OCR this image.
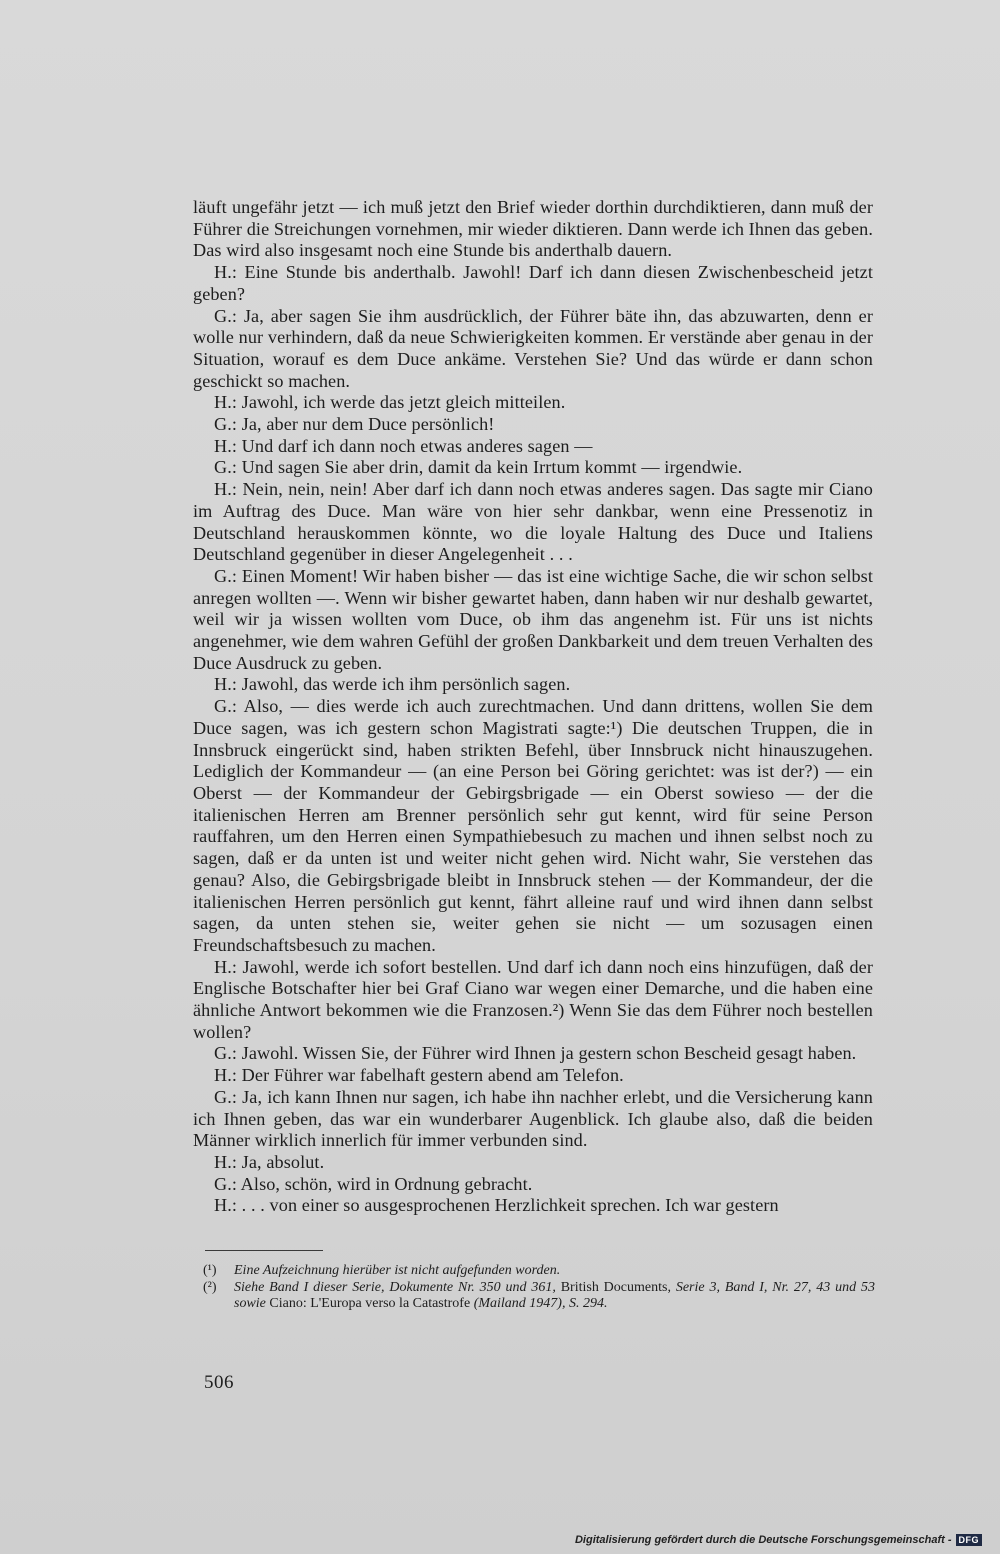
läuft ungefähr jetzt — ich muß jetzt den Brief wieder dorthin durchdiktieren, dann muß der Führer die Streichungen vornehmen, mir wieder diktieren. Dann werde ich Ihnen das geben. Das wird also insgesamt noch eine Stunde bis anderthalb dauern.

H.: Eine Stunde bis anderthalb. Jawohl! Darf ich dann diesen Zwischenbescheid jetzt geben?

G.: Ja, aber sagen Sie ihm ausdrücklich, der Führer bäte ihn, das abzuwarten, denn er wolle nur verhindern, daß da neue Schwierigkeiten kommen. Er verstände aber genau in der Situation, worauf es dem Duce ankäme. Verstehen Sie? Und das würde er dann schon geschickt so machen.

H.: Jawohl, ich werde das jetzt gleich mitteilen.

G.: Ja, aber nur dem Duce persönlich!

H.: Und darf ich dann noch etwas anderes sagen —

G.: Und sagen Sie aber drin, damit da kein Irrtum kommt — irgendwie.

H.: Nein, nein, nein! Aber darf ich dann noch etwas anderes sagen. Das sagte mir Ciano im Auftrag des Duce. Man wäre von hier sehr dankbar, wenn eine Pressenotiz in Deutschland herauskommen könnte, wo die loyale Haltung des Duce und Italiens Deutschland gegenüber in dieser Angelegenheit . . .

G.: Einen Moment! Wir haben bisher — das ist eine wichtige Sache, die wir schon selbst anregen wollten —. Wenn wir bisher gewartet haben, dann haben wir nur deshalb gewartet, weil wir ja wissen wollten vom Duce, ob ihm das angenehm ist. Für uns ist nichts angenehmer, wie dem wahren Gefühl der großen Dankbarkeit und dem treuen Verhalten des Duce Ausdruck zu geben.

H.: Jawohl, das werde ich ihm persönlich sagen.

G.: Also, — dies werde ich auch zurechtmachen. Und dann drittens, wollen Sie dem Duce sagen, was ich gestern schon Magistrati sagte:¹) Die deutschen Truppen, die in Innsbruck eingerückt sind, haben strikten Befehl, über Innsbruck nicht hinauszugehen. Lediglich der Kommandeur — (an eine Person bei Göring gerichtet: was ist der?) — ein Oberst — der Kommandeur der Gebirgsbrigade — ein Oberst sowieso — der die italienischen Herren am Brenner persönlich sehr gut kennt, wird für seine Person rauffahren, um den Herren einen Sympathiebesuch zu machen und ihnen selbst noch zu sagen, daß er da unten ist und weiter nicht gehen wird. Nicht wahr, Sie verstehen das genau? Also, die Gebirgsbrigade bleibt in Innsbruck stehen — der Kommandeur, der die italienischen Herren persönlich gut kennt, fährt alleine rauf und wird ihnen dann selbst sagen, da unten stehen sie, weiter gehen sie nicht — um sozusagen einen Freundschaftsbesuch zu machen.

H.: Jawohl, werde ich sofort bestellen. Und darf ich dann noch eins hinzufügen, daß der Englische Botschafter hier bei Graf Ciano war wegen einer Demarche, und die haben eine ähnliche Antwort bekommen wie die Franzosen.²) Wenn Sie das dem Führer noch bestellen wollen?

G.: Jawohl. Wissen Sie, der Führer wird Ihnen ja gestern schon Bescheid gesagt haben.

H.: Der Führer war fabelhaft gestern abend am Telefon.

G.: Ja, ich kann Ihnen nur sagen, ich habe ihn nachher erlebt, und die Versicherung kann ich Ihnen geben, das war ein wunderbarer Augenblick. Ich glaube also, daß die beiden Männer wirklich innerlich für immer verbunden sind.

H.: Ja, absolut.

G.: Also, schön, wird in Ordnung gebracht.

H.: . . . von einer so ausgesprochenen Herzlichkeit sprechen. Ich war gestern

(¹) Eine Aufzeichnung hierüber ist nicht aufgefunden worden.
(²) Siehe Band I dieser Serie, Dokumente Nr. 350 und 361, British Documents, Serie 3, Band I, Nr. 27, 43 und 53 sowie Ciano: L'Europa verso la Catastrofe (Mailand 1947), S. 294.
506
Digitalisierung gefördert durch die Deutsche Forschungsgemeinschaft - DFG
